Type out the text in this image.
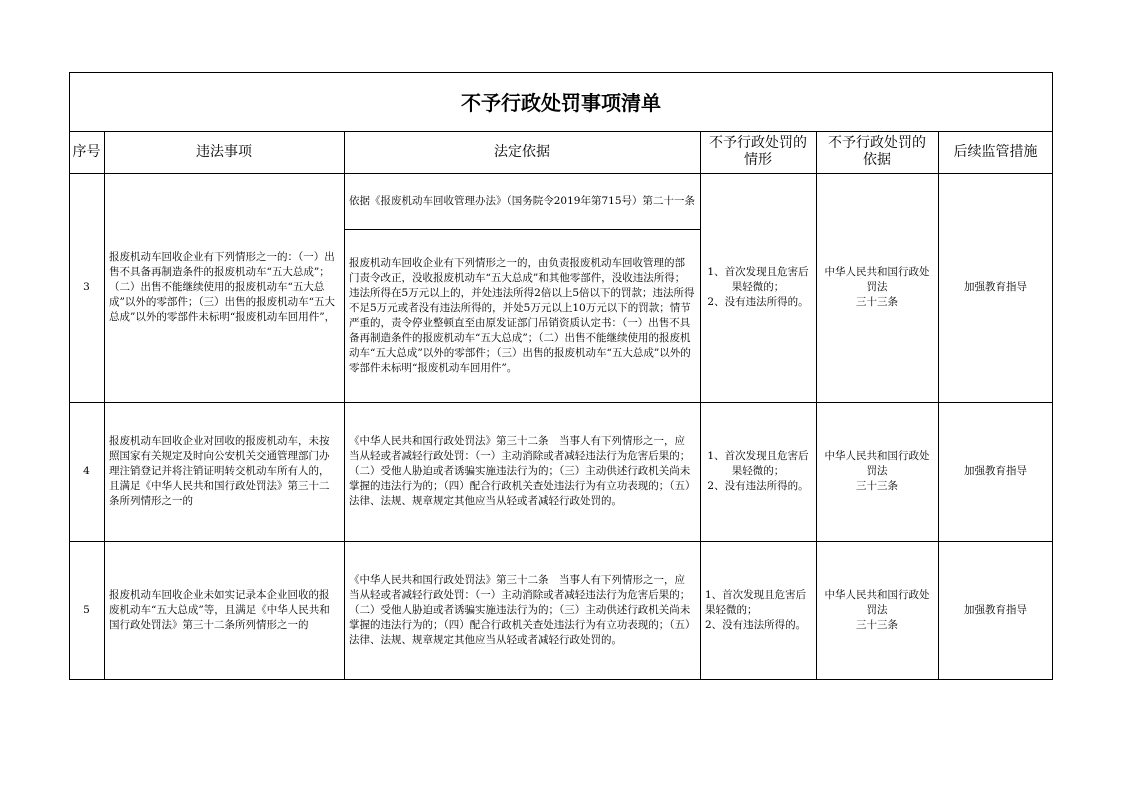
不予行政处罚事项清单
序号	违法事项	法定依据
不予行政处罚的情形
不予行政处罚的依据
后续监管措施
3
报废机动车回收企业有下列情形之一的：（一）出售不具备再制造条件的报废机动车“五大总成”；（二）出售不能继续使用的报废机动车“五大总成”以外的零部件；（三）出售的报废机动车“五大总成”以外的零部件未标明“报废机动车回用件”，
依据《报废机动车回收管理办法》（国务院令2019年第715号）第二十一条
报废机动车回收企业有下列情形之一的，由负责报废机动车回收管理的部门责令改正，没收报废机动车“五大总成”和其他零部件，没收违法所得；违法所得在5万元以上的，并处违法所得2倍以上5倍以下的罚款；违法所得不足5万元或者没有违法所得的，并处5万元以上10万元以下的罚款；情节严重的，责令停业整顿直至由原发证部门吊销资质认定书：（一）出售不具备再制造条件的报废机动车“五大总成”；（二）出售不能继续使用的报废机动车“五大总成”以外的零部件；（三）出售的报废机动车“五大总成”以外的零部件未标明“报废机动车回用件”。
1、首次发现且危害后果轻微的；
2、没有违法所得的。
中华人民共和国行政处罚法
三十三条
加强教育指导
4
报废机动车回收企业对回收的报废机动车，未按照国家有关规定及时向公安机关交通管理部门办理注销登记并将注销证明转交机动车所有人的，且满足《中华人民共和国行政处罚法》第三十二条所列情形之一的
《中华人民共和国行政处罚法》第三十二条　当事人有下列情形之一，应当从轻或者减轻行政处罚：（一）主动消除或者减轻违法行为危害后果的；（二）受他人胁迫或者诱骗实施违法行为的；（三）主动供述行政机关尚未掌握的违法行为的；（四）配合行政机关查处违法行为有立功表现的；（五）法律、法规、规章规定其他应当从轻或者减轻行政处罚的。
1、首次发现且危害后果轻微的；
2、没有违法所得的。
中华人民共和国行政处罚法
三十三条
加强教育指导
5
报废机动车回收企业未如实记录本企业回收的报废机动车“五大总成”等，且满足《中华人民共和国行政处罚法》第三十二条所列情形之一的
《中华人民共和国行政处罚法》第三十二条　当事人有下列情形之一，应当从轻或者减轻行政处罚：（一）主动消除或者减轻违法行为危害后果的；（二）受他人胁迫或者诱骗实施违法行为的；（三）主动供述行政机关尚未掌握的违法行为的；（四）配合行政机关查处违法行为有立功表现的；（五）法律、法规、规章规定其他应当从轻或者减轻行政处罚的。
1、首次发现且危害后果轻微的；
2、没有违法所得的。
中华人民共和国行政处罚法
三十三条
加强教育指导
